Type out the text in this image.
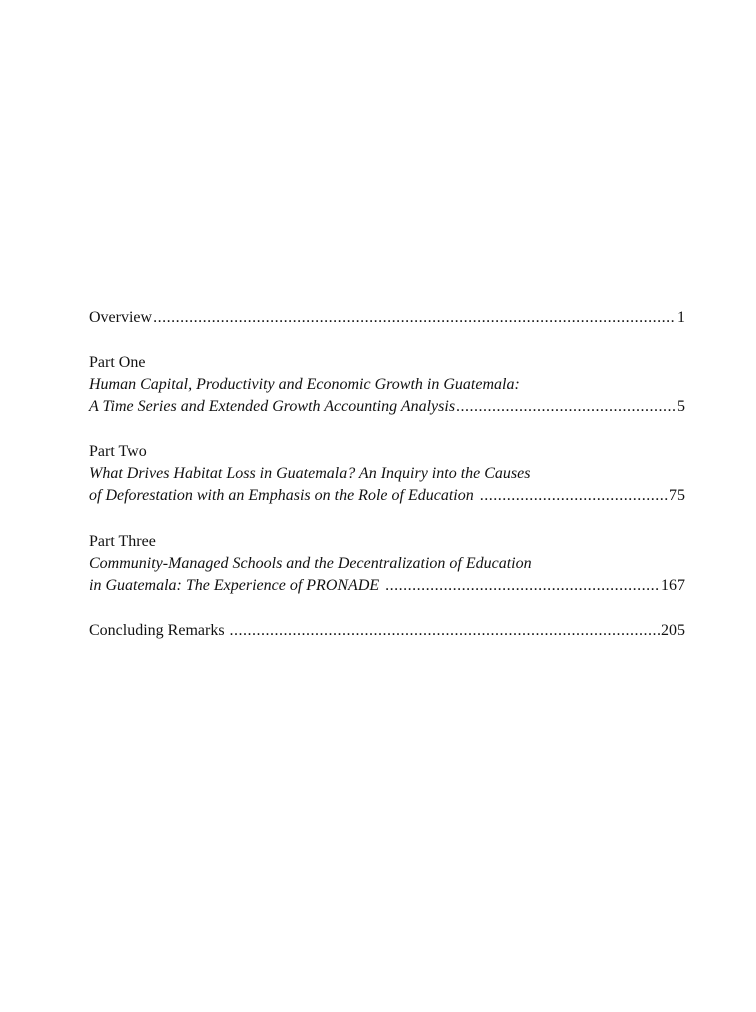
Overview .....	1
Part One
Human Capital, Productivity and Economic Growth in Guatemala:
A Time Series and Extended Growth Accounting Analysis .....	5
Part Two
What Drives Habitat Loss in Guatemala? An Inquiry into the Causes
of Deforestation with an Emphasis on the Role of Education .....	75
Part Three
Community-Managed Schools and the Decentralization of Education
in Guatemala: The Experience of PRONADE .....	167
Concluding Remarks .....	205
